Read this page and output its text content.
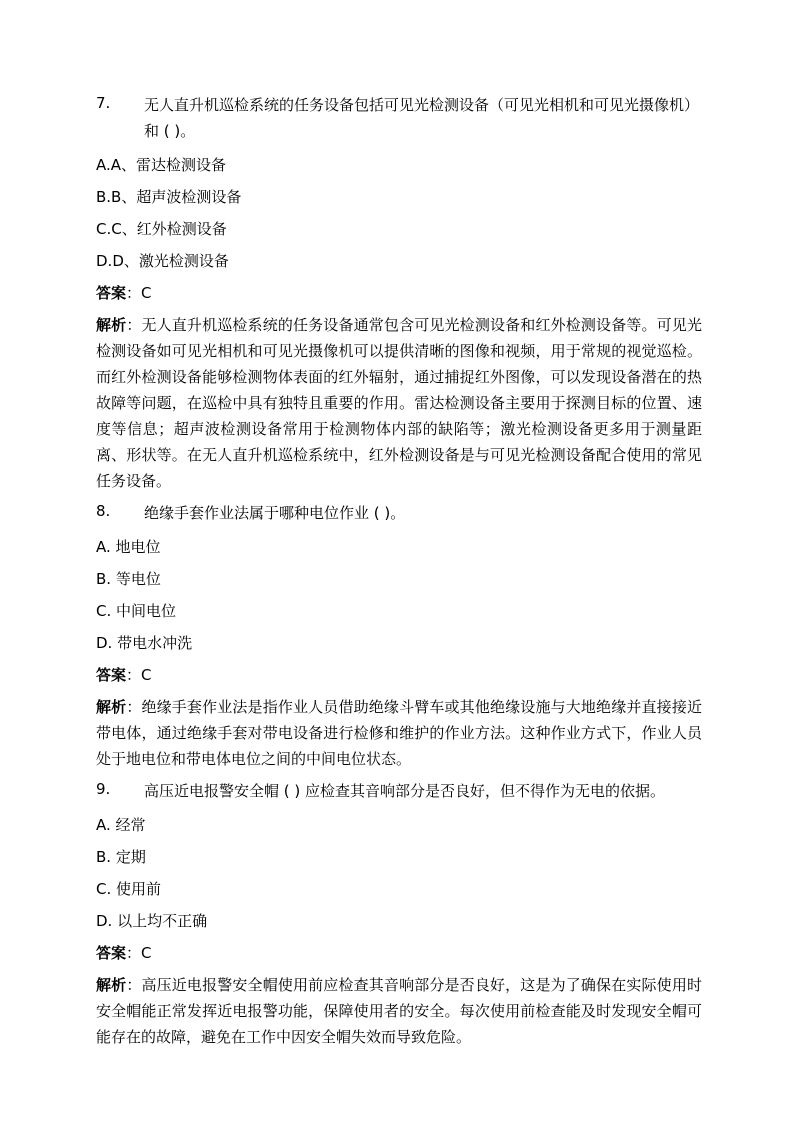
7.	无人直升机巡检系统的任务设备包括可见光检测设备（可见光相机和可见光摄像机）和 ( )。
A.A、雷达检测设备
B.B、超声波检测设备
C.C、红外检测设备
D.D、激光检测设备
答案：C
解析：无人直升机巡检系统的任务设备通常包含可见光检测设备和红外检测设备等。可见光检测设备如可见光相机和可见光摄像机可以提供清晰的图像和视频，用于常规的视觉巡检。而红外检测设备能够检测物体表面的红外辐射，通过捕捉红外图像，可以发现设备潜在的热故障等问题，在巡检中具有独特且重要的作用。雷达检测设备主要用于探测目标的位置、速度等信息；超声波检测设备常用于检测物体内部的缺陷等；激光检测设备更多用于测量距离、形状等。在无人直升机巡检系统中，红外检测设备是与可见光检测设备配合使用的常见任务设备。
8.	绝缘手套作业法属于哪种电位作业 ( )。
A. 地电位
B. 等电位
C. 中间电位
D. 带电水冲洗
答案：C
解析：绝缘手套作业法是指作业人员借助绝缘斗臂车或其他绝缘设施与大地绝缘并直接接近带电体，通过绝缘手套对带电设备进行检修和维护的作业方法。这种作业方式下，作业人员处于地电位和带电体电位之间的中间电位状态。
9.	高压近电报警安全帽 ( ) 应检查其音响部分是否良好，但不得作为无电的依据。
A. 经常
B. 定期
C. 使用前
D. 以上均不正确
答案：C
解析：高压近电报警安全帽使用前应检查其音响部分是否良好，这是为了确保在实际使用时安全帽能正常发挥近电报警功能，保障使用者的安全。每次使用前检查能及时发现安全帽可能存在的故障，避免在工作中因安全帽失效而导致危险。
